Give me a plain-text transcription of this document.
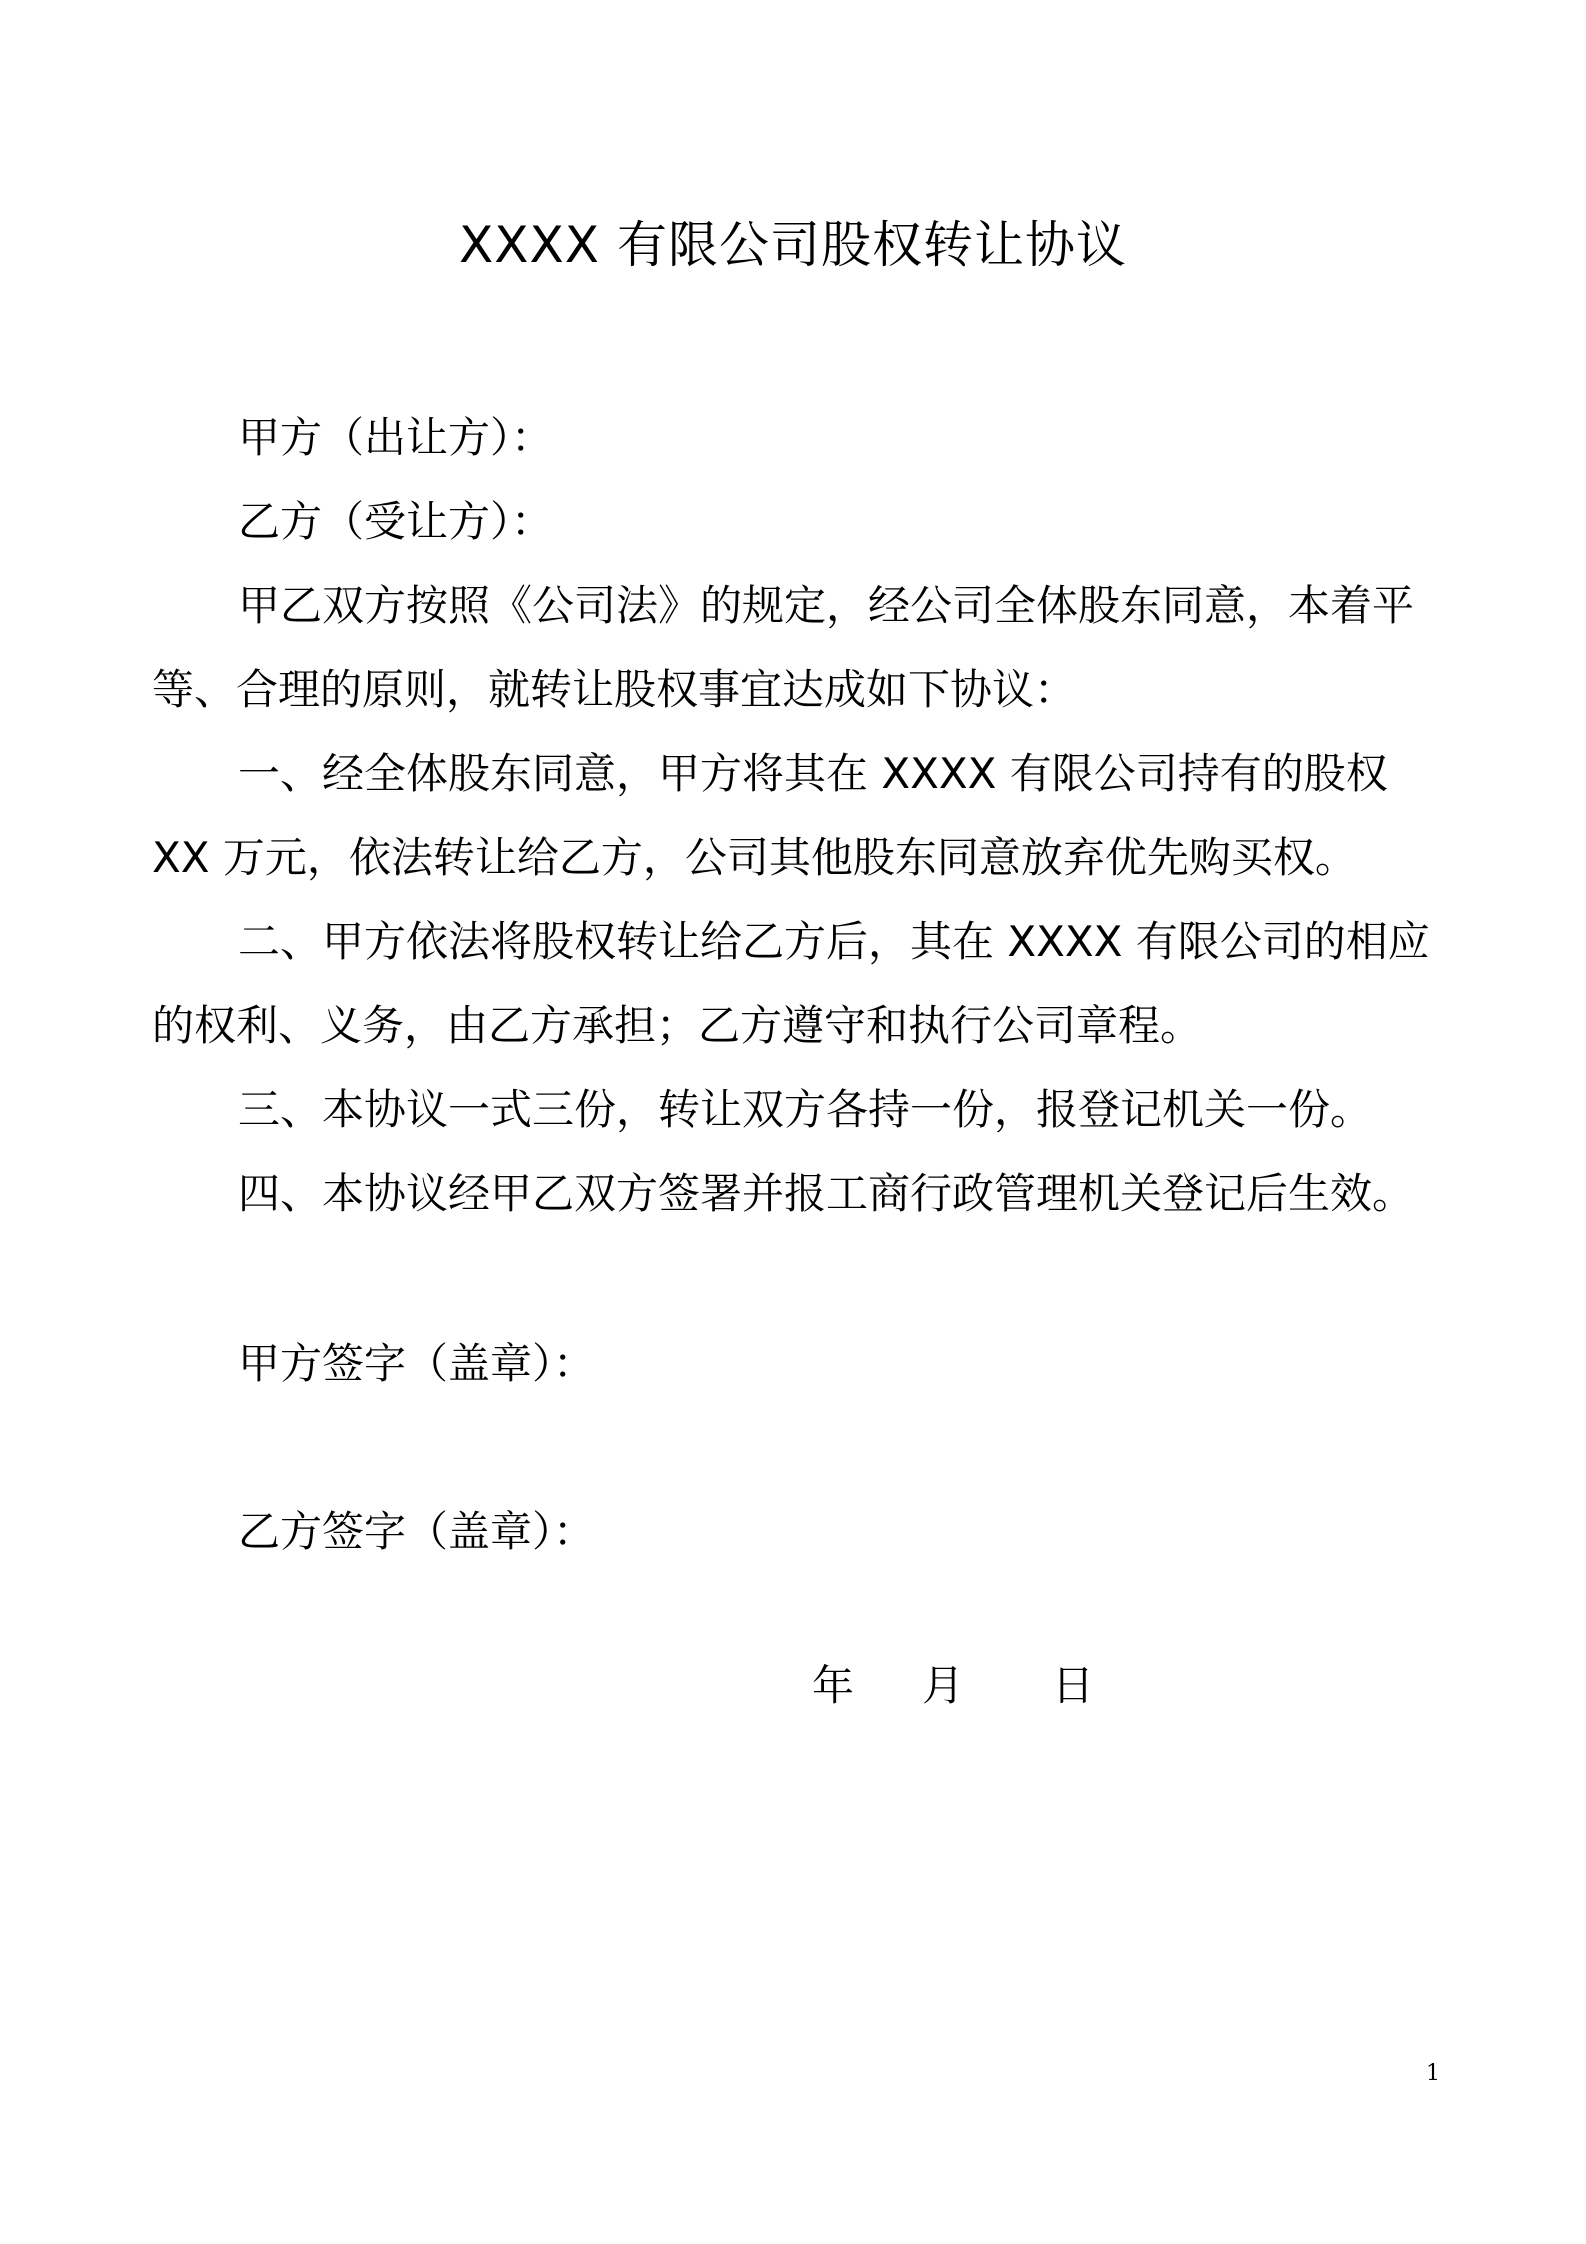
XXXX 有限公司股权转让协议
甲方（出让方）：
乙方（受让方）：
甲乙双方按照《公司法》的规定，经公司全体股东同意，本着平
等、合理的原则，就转让股权事宜达成如下协议：
一、经全体股东同意，甲方将其在 XXXX 有限公司持有的股权
XX 万元，依法转让给乙方，公司其他股东同意放弃优先购买权。
二、甲方依法将股权转让给乙方后，其在 XXXX 有限公司的相应
的权利、义务，由乙方承担；乙方遵守和执行公司章程。
三、本协议一式三份，转让双方各持一份，报登记机关一份。
四、本协议经甲乙双方签署并报工商行政管理机关登记后生效。
甲方签字（盖章）：
乙方签字（盖章）：
年 月 日
1
